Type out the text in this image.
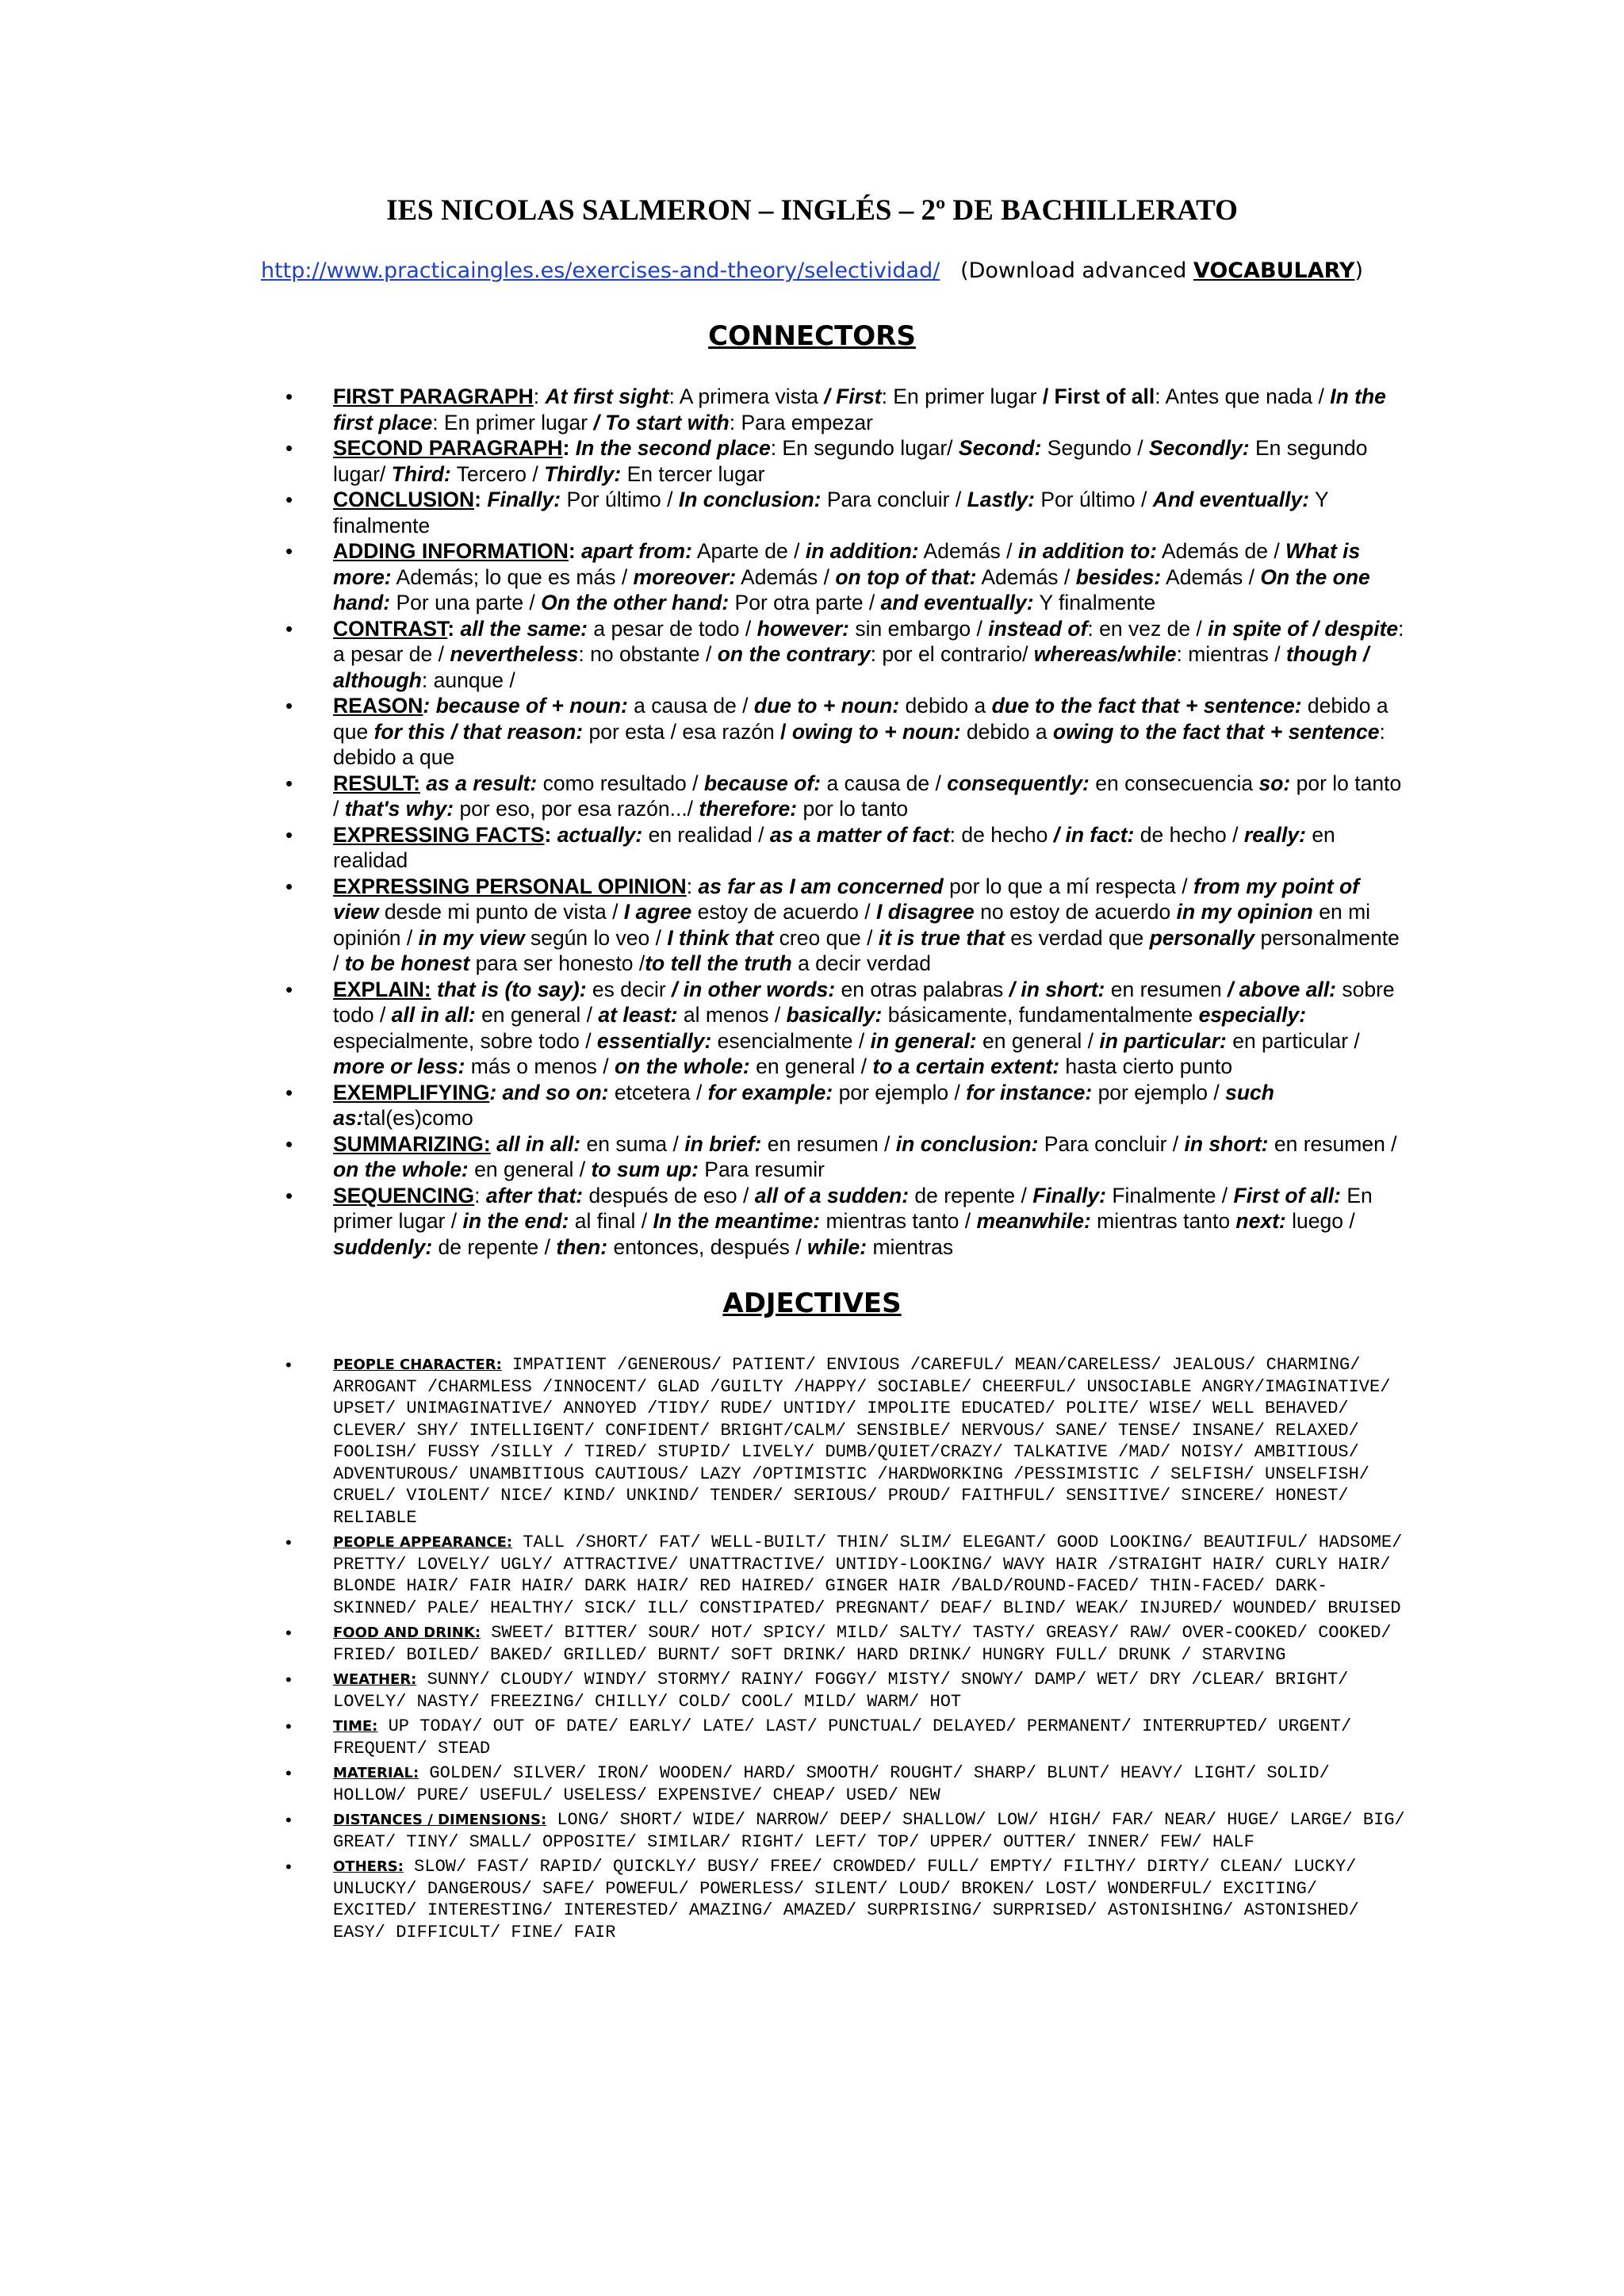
IES NICOLAS SALMERON – INGLÉS – 2º DE BACHILLERATO
http://www.practicaingles.es/exercises-and-theory/selectividad/ (Download advanced VOCABULARY)
CONNECTORS
• FIRST PARAGRAPH: At first sight: A primera vista / First: En primer lugar / First of all: Antes que nada / In the first place: En primer lugar / To start with: Para empezar
• SECOND PARAGRAPH: In the second place: En segundo lugar/ Second: Segundo / Secondly: En segundo lugar/ Third: Tercero / Thirdly: En tercer lugar
• CONCLUSION: Finally: Por último / In conclusion: Para concluir / Lastly: Por último / And eventually: Y finalmente
• ADDING INFORMATION: apart from: Aparte de / in addition: Además / in addition to: Además de / What is more: Además; lo que es más / moreover: Además / on top of that: Además / besides: Además / On the one hand: Por una parte / On the other hand: Por otra parte / and eventually: Y finalmente
• CONTRAST: all the same: a pesar de todo / however: sin embargo / instead of: en vez de / in spite of / despite: a pesar de / nevertheless: no obstante / on the contrary: por el contrario/ whereas/while: mientras / though / although: aunque /
• REASON: because of + noun: a causa de / due to + noun: debido a due to the fact that + sentence: debido a que for this / that reason: por esta / esa razón / owing to + noun: debido a owing to the fact that + sentence: debido a que
• RESULT: as a result: como resultado / because of: a causa de / consequently: en consecuencia so: por lo tanto / that's why: por eso, por esa razón.../ therefore: por lo tanto
• EXPRESSING FACTS: actually: en realidad / as a matter of fact: de hecho / in fact: de hecho / really: en realidad
• EXPRESSING PERSONAL OPINION: as far as I am concerned por lo que a mí respecta / from my point of view desde mi punto de vista / I agree estoy de acuerdo / I disagree no estoy de acuerdo in my opinion en mi opinión / in my view según lo veo / I think that creo que / it is true that es verdad que personally personalmente / to be honest para ser honesto /to tell the truth a decir verdad
• EXPLAIN: that is (to say): es decir / in other words: en otras palabras / in short: en resumen / above all: sobre todo / all in all: en general / at least: al menos / basically: básicamente, fundamentalmente especially: especialmente, sobre todo / essentially: esencialmente / in general: en general / in particular: en particular / more or less: más o menos / on the whole: en general / to a certain extent: hasta cierto punto
• EXEMPLIFYING: and so on: etcetera / for example: por ejemplo / for instance: por ejemplo / such as:tal(es)como
• SUMMARIZING: all in all: en suma / in brief: en resumen / in conclusion: Para concluir / in short: en resumen / on the whole: en general / to sum up: Para resumir
• SEQUENCING: after that: después de eso / all of a sudden: de repente / Finally: Finalmente / First of all: En primer lugar / in the end: al final / In the meantime: mientras tanto / meanwhile: mientras tanto next: luego / suddenly: de repente / then: entonces, después / while: mientras
ADJECTIVES
• PEOPLE CHARACTER: IMPATIENT /GENEROUS/ PATIENT/ ENVIOUS /CAREFUL/ MEAN/CARELESS/ JEALOUS/ CHARMING/ ARROGANT /CHARMLESS /INNOCENT/ GLAD /GUILTY /HAPPY/ SOCIABLE/ CHEERFUL/ UNSOCIABLE ANGRY/IMAGINATIVE/ UPSET/ UNIMAGINATIVE/ ANNOYED /TIDY/ RUDE/ UNTIDY/ IMPOLITE EDUCATED/ POLITE/ WISE/ WELL BEHAVED/ CLEVER/ SHY/ INTELLIGENT/ CONFIDENT/ BRIGHT/CALM/ SENSIBLE/ NERVOUS/ SANE/ TENSE/ INSANE/ RELAXED/ FOOLISH/ FUSSY /SILLY / TIRED/ STUPID/ LIVELY/ DUMB/QUIET/CRAZY/ TALKATIVE /MAD/ NOISY/ AMBITIOUS/ ADVENTUROUS/ UNAMBITIOUS CAUTIOUS/ LAZY /OPTIMISTIC /HARDWORKING /PESSIMISTIC / SELFISH/ UNSELFISH/ CRUEL/ VIOLENT/ NICE/ KIND/ UNKIND/ TENDER/ SERIOUS/ PROUD/ FAITHFUL/ SENSITIVE/ SINCERE/ HONEST/ RELIABLE
• PEOPLE APPEARANCE: TALL /SHORT/ FAT/ WELL-BUILT/ THIN/ SLIM/ ELEGANT/ GOOD LOOKING/ BEAUTIFUL/ HADSOME/ PRETTY/ LOVELY/ UGLY/ ATTRACTIVE/ UNATTRACTIVE/ UNTIDY-LOOKING/ WAVY HAIR /STRAIGHT HAIR/ CURLY HAIR/ BLONDE HAIR/ FAIR HAIR/ DARK HAIR/ RED HAIRED/ GINGER HAIR /BALD/ROUND-FACED/ THIN-FACED/ DARK-SKINNED/ PALE/ HEALTHY/ SICK/ ILL/ CONSTIPATED/ PREGNANT/ DEAF/ BLIND/ WEAK/ INJURED/ WOUNDED/ BRUISED
• FOOD AND DRINK: SWEET/ BITTER/ SOUR/ HOT/ SPICY/ MILD/ SALTY/ TASTY/ GREASY/ RAW/ OVER-COOKED/ COOKED/ FRIED/ BOILED/ BAKED/ GRILLED/ BURNT/ SOFT DRINK/ HARD DRINK/ HUNGRY FULL/ DRUNK / STARVING
• WEATHER: SUNNY/ CLOUDY/ WINDY/ STORMY/ RAINY/ FOGGY/ MISTY/ SNOWY/ DAMP/ WET/ DRY /CLEAR/ BRIGHT/ LOVELY/ NASTY/ FREEZING/ CHILLY/ COLD/ COOL/ MILD/ WARM/ HOT
• TIME: UP TODAY/ OUT OF DATE/ EARLY/ LATE/ LAST/ PUNCTUAL/ DELAYED/ PERMANENT/ INTERRUPTED/ URGENT/ FREQUENT/ STEAD
• MATERIAL: GOLDEN/ SILVER/ IRON/ WOODEN/ HARD/ SMOOTH/ ROUGHT/ SHARP/ BLUNT/ HEAVY/ LIGHT/ SOLID/ HOLLOW/ PURE/ USEFUL/ USELESS/ EXPENSIVE/ CHEAP/ USED/ NEW
• DISTANCES / DIMENSIONS: LONG/ SHORT/ WIDE/ NARROW/ DEEP/ SHALLOW/ LOW/ HIGH/ FAR/ NEAR/ HUGE/ LARGE/ BIG/ GREAT/ TINY/ SMALL/ OPPOSITE/ SIMILAR/ RIGHT/ LEFT/ TOP/ UPPER/ OUTTER/ INNER/ FEW/ HALF
• OTHERS: SLOW/ FAST/ RAPID/ QUICKLY/ BUSY/ FREE/ CROWDED/ FULL/ EMPTY/ FILTHY/ DIRTY/ CLEAN/ LUCKY/ UNLUCKY/ DANGEROUS/ SAFE/ POWEFUL/ POWERLESS/ SILENT/ LOUD/ BROKEN/ LOST/ WONDERFUL/ EXCITING/ EXCITED/ INTERESTING/ INTERESTED/ AMAZING/ AMAZED/ SURPRISING/ SURPRISED/ ASTONISHING/ ASTONISHED/ EASY/ DIFFICULT/ FINE/ FAIR
